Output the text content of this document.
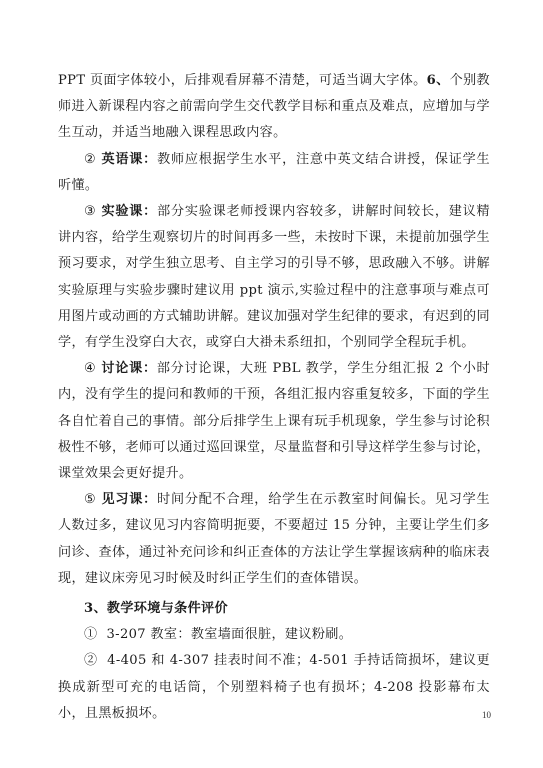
PPT 页面字体较小，后排观看屏幕不清楚，可适当调大字体。6、个别教师进入新课程内容之前需向学生交代教学目标和重点及难点，应增加与学生互动，并适当地融入课程思政内容。

② 英语课：教师应根据学生水平，注意中英文结合讲授，保证学生听懂。

③ 实验课：部分实验课老师授课内容较多，讲解时间较长，建议精讲内容，给学生观察切片的时间再多一些，未按时下课，未提前加强学生预习要求，对学生独立思考、自主学习的引导不够，思政融入不够。讲解实验原理与实验步骤时建议用 ppt 演示,实验过程中的注意事项与难点可用图片或动画的方式辅助讲解。建议加强对学生纪律的要求，有迟到的同学，有学生没穿白大衣，或穿白大褂未系纽扣，个别同学全程玩手机。

④ 讨论课：部分讨论课，大班 PBL 教学，学生分组汇报 2 个小时内，没有学生的提问和教师的干预，各组汇报内容重复较多，下面的学生各自忙着自己的事情。部分后排学生上课有玩手机现象，学生参与讨论积极性不够，老师可以通过巡回课堂，尽量监督和引导这样学生参与讨论，课堂效果会更好提升。

⑤ 见习课：时间分配不合理，给学生在示教室时间偏长。见习学生人数过多，建议见习内容简明扼要，不要超过 15 分钟，主要让学生们多问诊、查体，通过补充问诊和纠正查体的方法让学生掌握该病种的临床表现，建议床旁见习时候及时纠正学生们的查体错误。

3、教学环境与条件评价

① 3-207 教室：教室墙面很脏，建议粉刷。

② 4-405 和 4-307 挂表时间不准；4-501 手持话筒损坏，建议更换成新型可充的电话筒，个别塑料椅子也有损坏；4-208 投影幕布太小，且黑板损坏。	10
